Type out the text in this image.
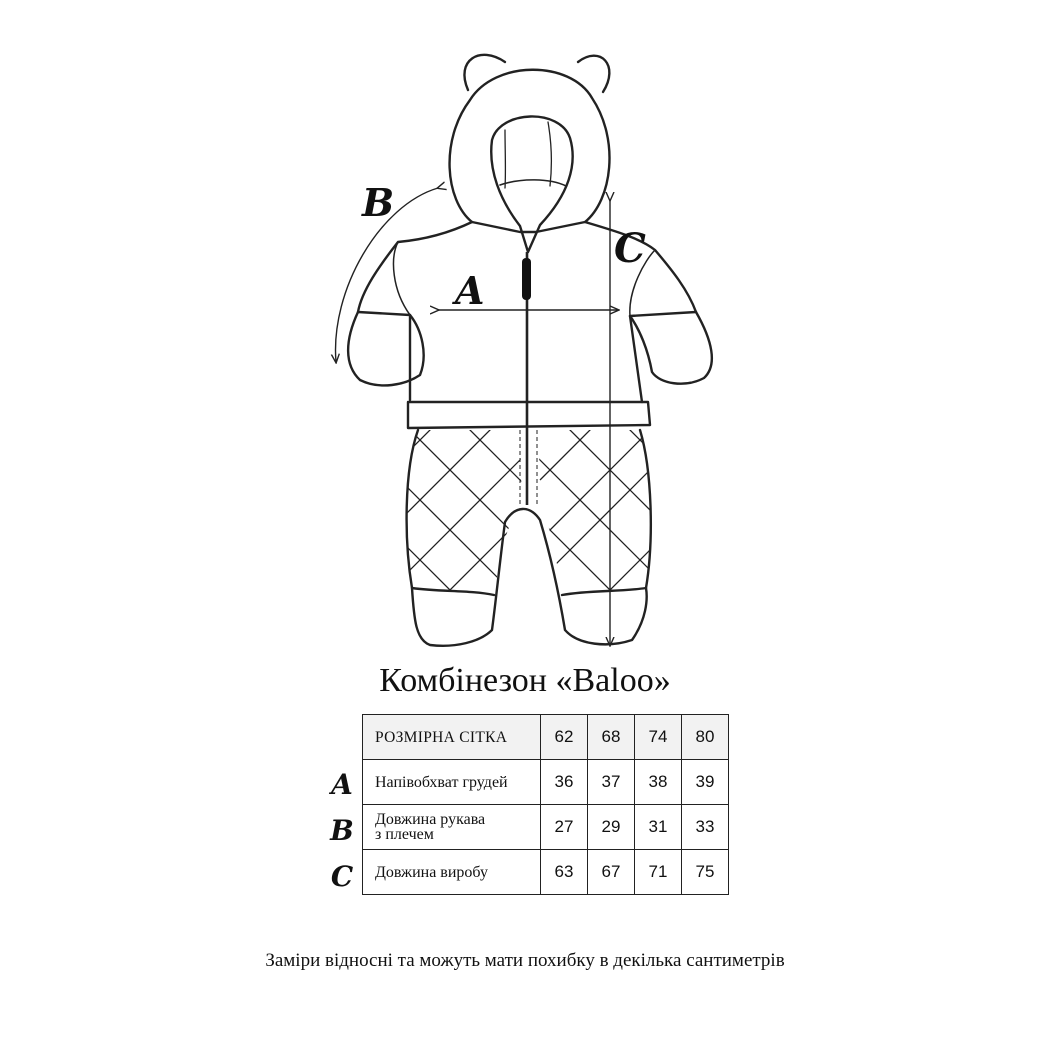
A
B
C
Комбінезон «Baloo»
РОЗМІРНА СІТКА	62	68	74	80
Напівобхват грудей	36	37	38	39

Довжина рукава
з плечем	27	29	31	33
Довжина виробу	63	67	71	75
A
B
C
Заміри відносні та можуть мати похибку в декілька сантиметрів
